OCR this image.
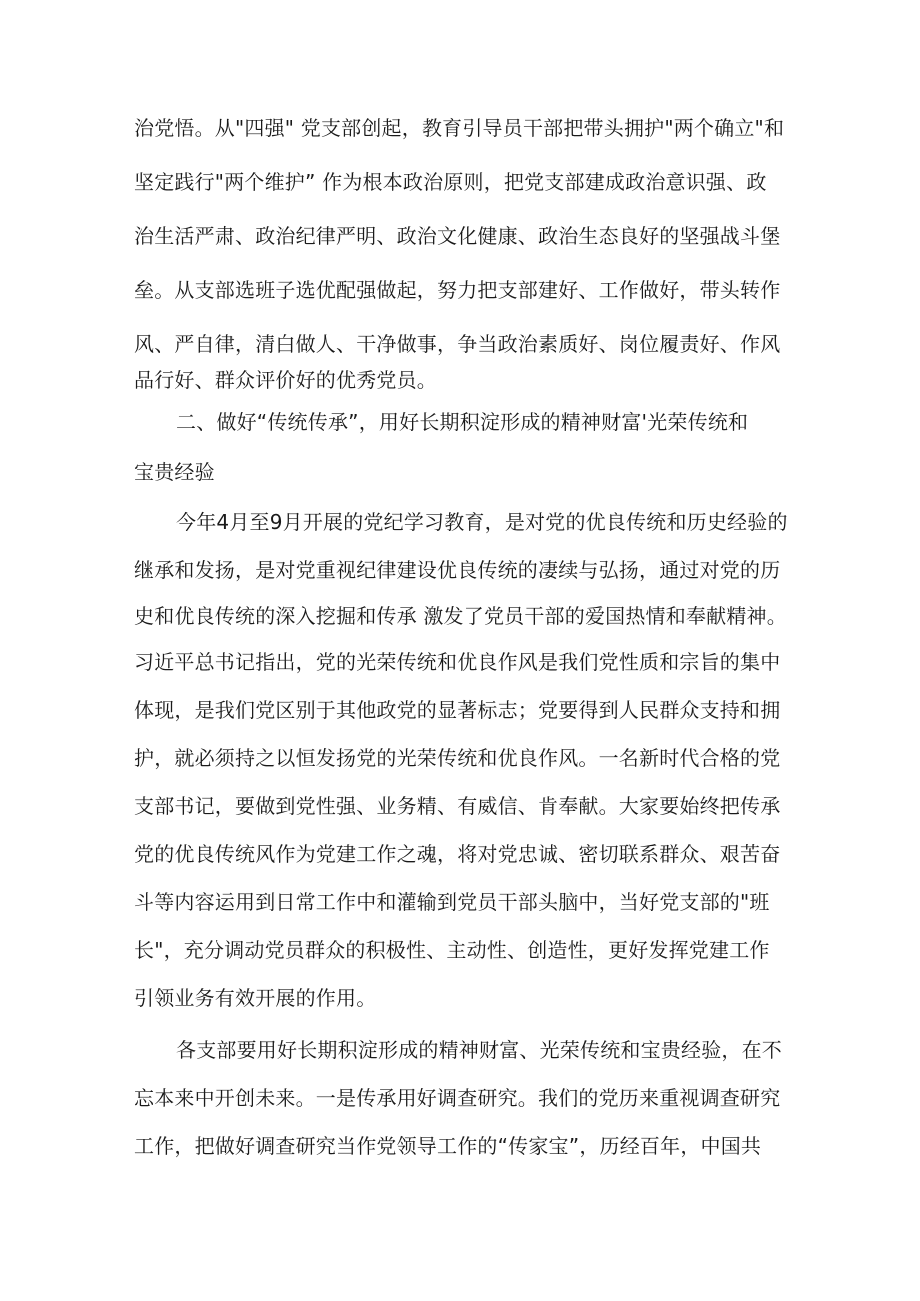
治党悟。从"四强" 党支部创起，教育引导员干部把带头拥护"两个确立"和
坚定践行"两个维护” 作为根本政治原则，把党支部建成政治意识强、政
治生活严肃、政治纪律严明、政治文化健康、政治生态良好的坚强战斗堡
垒。从支部选班子选优配强做起，努力把支部建好、工作做好，带头转作
风、严自律，清白做人、干净做事，争当政治素质好、岗位履责好、作风
品行好、群众评价好的优秀党员。
二、做好“传统传承”，用好长期积淀形成的精神财富'光荣传统和
宝贵经验
今年4月至9月开展的党纪学习教育，是对党的优良传统和历史经验的
继承和发扬，是对党重视纪律建设优良传统的凄续与弘扬，通过对党的历
史和优良传统的深入挖掘和传承 激发了党员干部的爱国热情和奉献精神。
习近平总书记指出，党的光荣传统和优良作风是我们党性质和宗旨的集中
体现，是我们党区别于其他政党的显著标志；党要得到人民群众支持和拥
护，就必须持之以恒发扬党的光荣传统和优良作风。一名新时代合格的党
支部书记，要做到党性强、业务精、有威信、肯奉献。大家要始终把传承
党的优良传统风作为党建工作之魂，将对党忠诚、密切联系群众、艰苦奋
斗等内容运用到日常工作中和灌输到党员干部头脑中，当好党支部的"班
长"，充分调动党员群众的积极性、主动性、创造性，更好发挥党建工作
引领业务有效开展的作用。
各支部要用好长期积淀形成的精神财富、光荣传统和宝贵经验，在不
忘本来中开创未来。一是传承用好调查研究。我们的党历来重视调查研究
工作，把做好调查研究当作党领导工作的“传家宝”，历经百年，中国共
